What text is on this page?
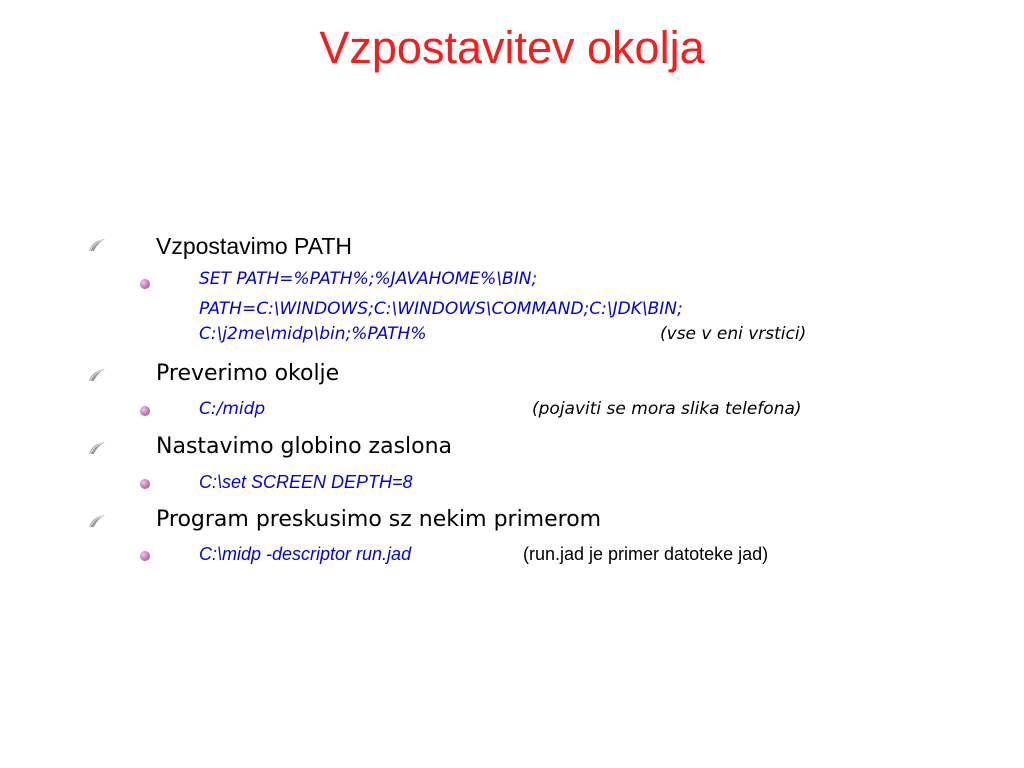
Vzpostavitev okolja
Vzpostavimo PATH
SET PATH=%PATH%;%JAVAHOME%\BIN;
PATH=C:\WINDOWS;C:\WINDOWS\COMMAND;C:\JDK\BIN;
C:\j2me\midp\bin;%PATH%	(vse v eni vrstici)
Preverimo okolje
C:/midp	(pojaviti se mora slika telefona)
Nastavimo globino zaslona
C:\set SCREEN DEPTH=8
Program preskusimo sz nekim primerom
C:\midp -descriptor run.jad	(run.jad je primer datoteke jad)
